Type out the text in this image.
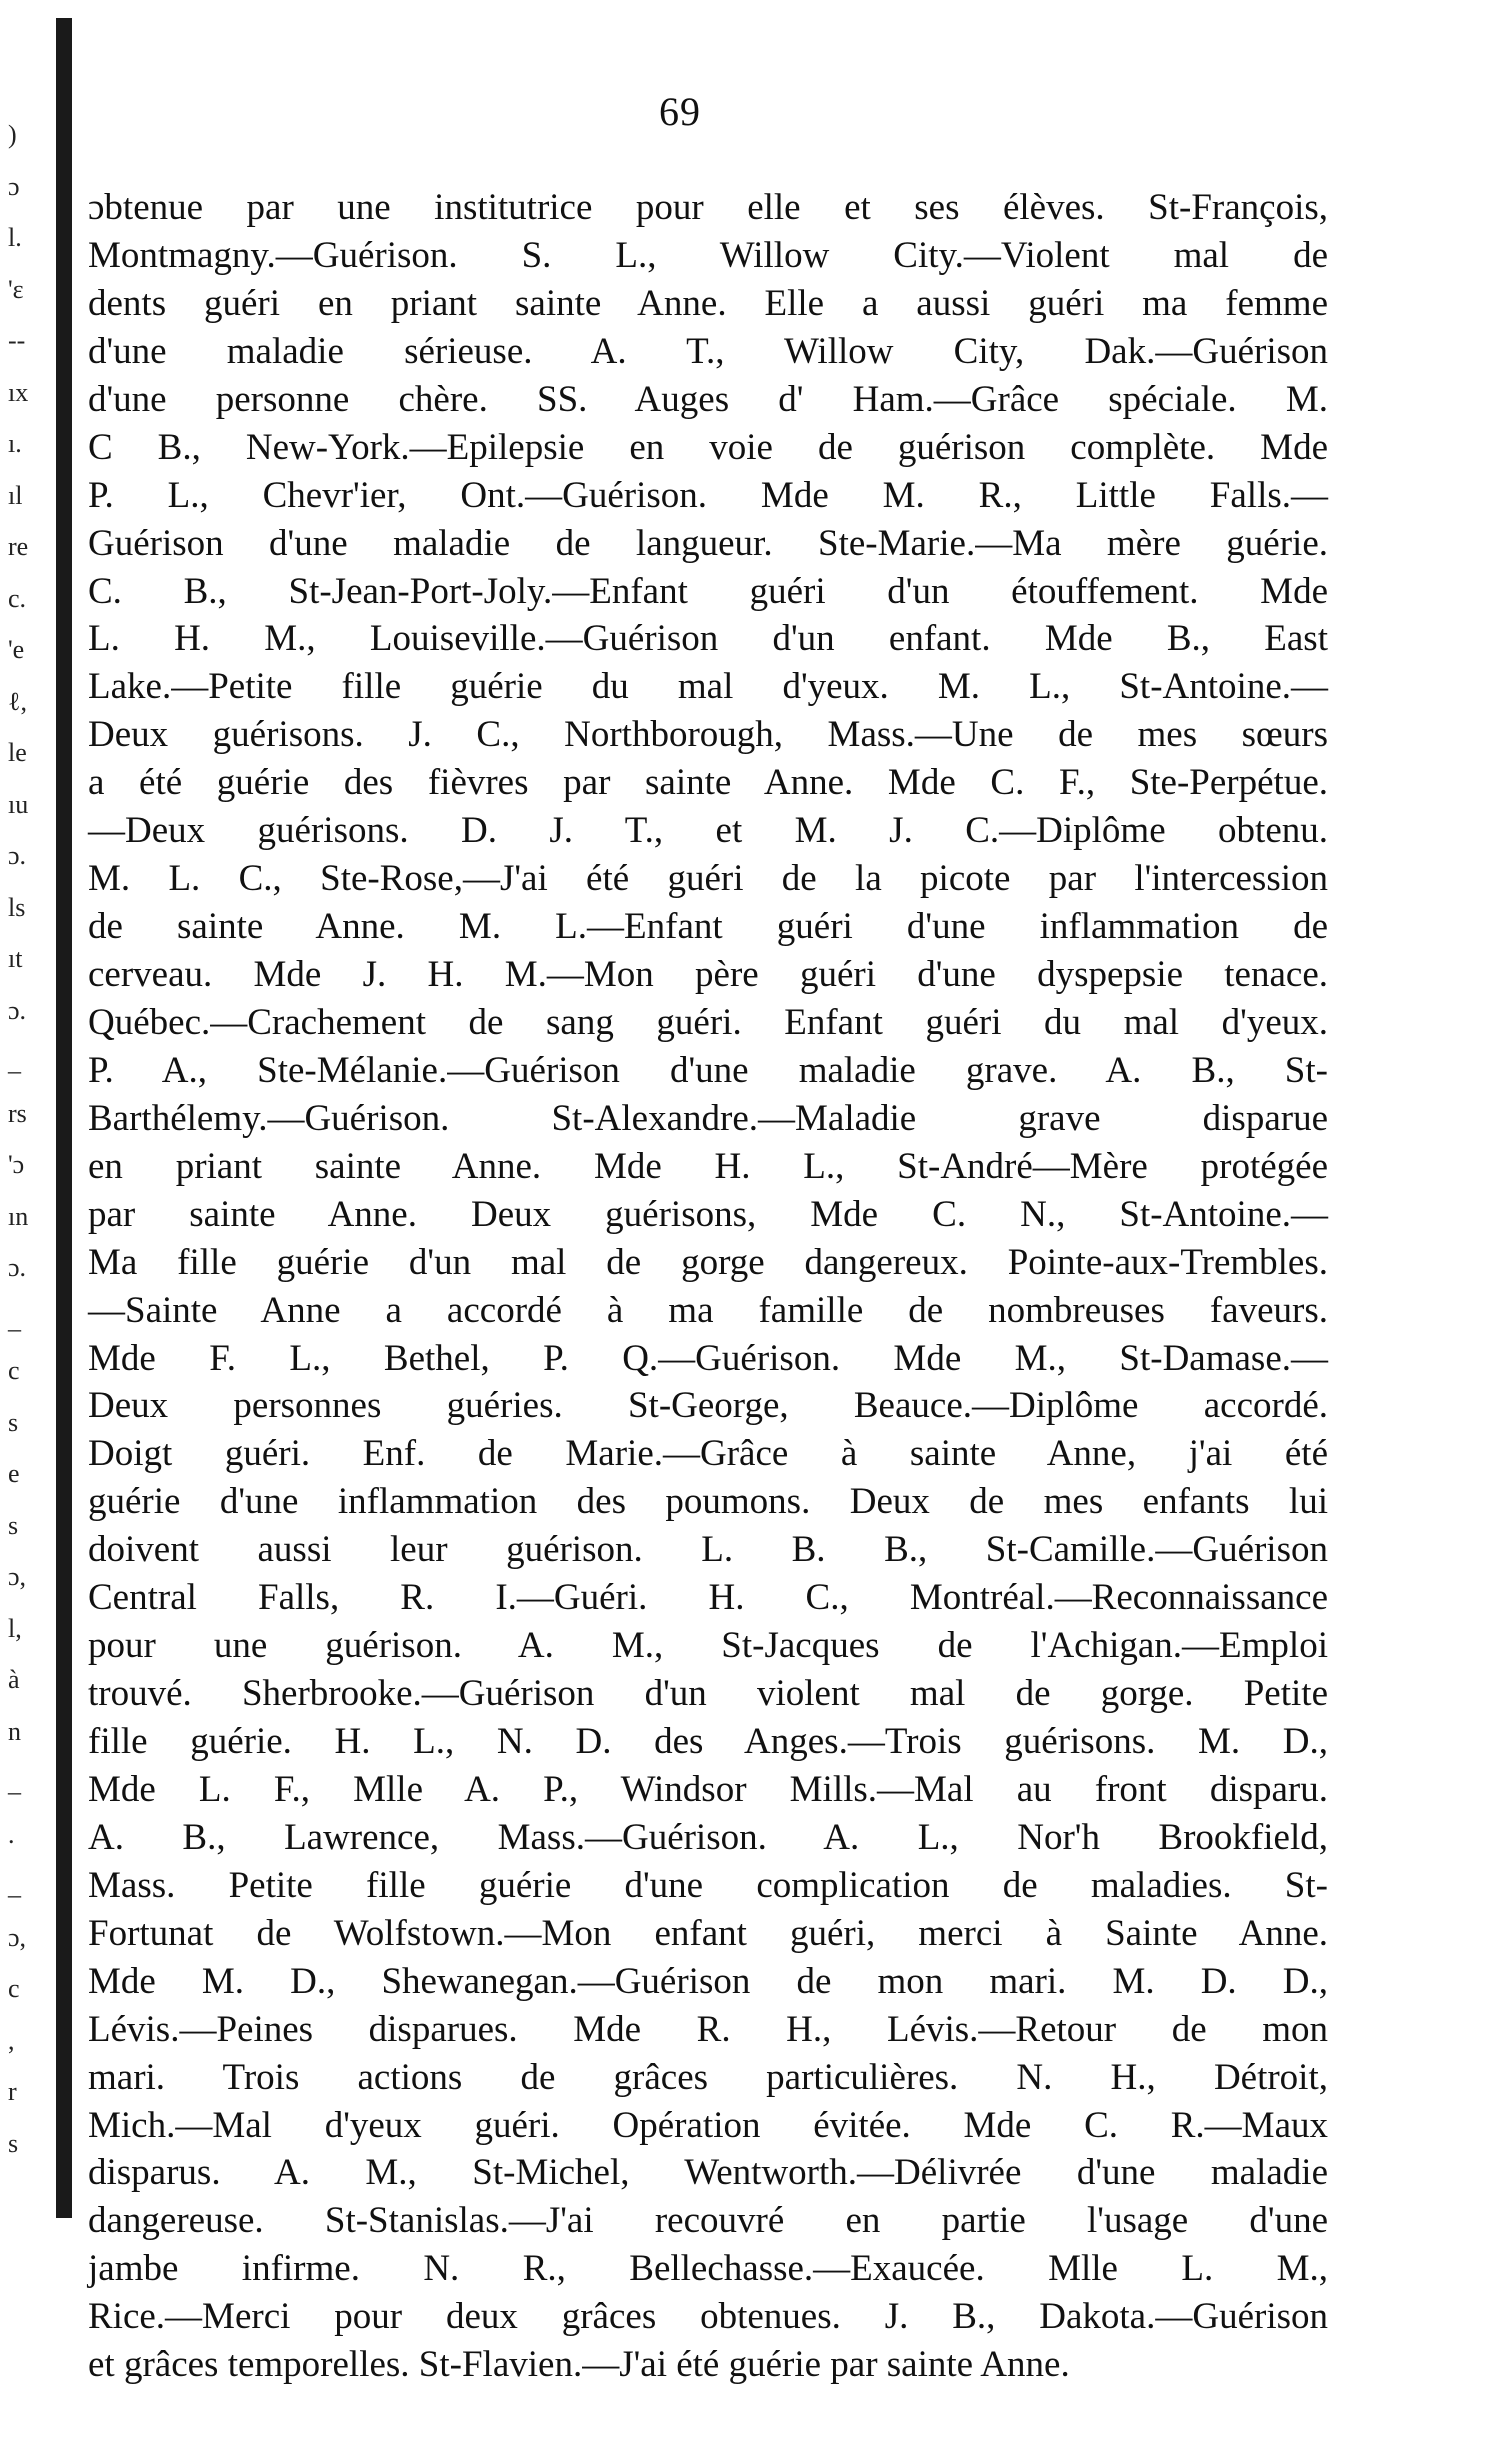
)
ɔ
l.
'ɛ
--
ıx
ı.
ıl
re
c.
'e
ℓ,
le
ıu
ɔ.
ls
ıt
ɔ.
_
rs
'ɔ
ın
ɔ.
_
c
s
e
s
ɔ,
l,
à
n
_
.
_
ɔ,
c
,
r
s
69
ɔbtenue par une institutrice pour elle et ses élèves. St-François,
Montmagny.—Guérison. S. L., Willow City.—Violent mal de
dents guéri en priant sainte Anne. Elle a aussi guéri ma femme
d'une maladie sérieuse. A. T., Willow City, Dak.—Guérison
d'une personne chère. SS. Auges d' Ham.—Grâce spéciale. M.
C B., New-York.—Epilepsie en voie de guérison complète. Mde
P. L., Chevr'ier, Ont.—Guérison. Mde M. R., Little Falls.—
Guérison d'une maladie de langueur. Ste-Marie.—Ma mère guérie.
C. B., St-Jean-Port-Joly.—Enfant guéri d'un étouffement. Mde
L. H. M., Louiseville.—Guérison d'un enfant. Mde B., East
Lake.—Petite fille guérie du mal d'yeux. M. L., St-Antoine.—
Deux guérisons. J. C., Northborough, Mass.—Une de mes sœurs
a été guérie des fièvres par sainte Anne. Mde C. F., Ste-Perpétue.
—Deux guérisons. D. J. T., et M. J. C.—Diplôme obtenu.
M. L. C., Ste-Rose,—J'ai été guéri de la picote par l'intercession
de sainte Anne. M. L.—Enfant guéri d'une inflammation de
cerveau. Mde J. H. M.—Mon père guéri d'une dyspepsie tenace.
Québec.—Crachement de sang guéri. Enfant guéri du mal d'yeux.
P. A., Ste-Mélanie.—Guérison d'une maladie grave. A. B., St-
Barthélemy.—Guérison. St-Alexandre.—Maladie grave disparue
en priant sainte Anne. Mde H. L., St-André—Mère protégée
par sainte Anne. Deux guérisons, Mde C. N., St-Antoine.—
Ma fille guérie d'un mal de gorge dangereux. Pointe-aux-Trembles.
—Sainte Anne a accordé à ma famille de nombreuses faveurs.
Mde F. L., Bethel, P. Q.—Guérison. Mde M., St-Damase.—
Deux personnes guéries. St-George, Beauce.—Diplôme accordé.
Doigt guéri. Enf. de Marie.—Grâce à sainte Anne, j'ai été
guérie d'une inflammation des poumons. Deux de mes enfants lui
doivent aussi leur guérison. L. B. B., St-Camille.—Guérison
Central Falls, R. I.—Guéri. H. C., Montréal.—Reconnaissance
pour une guérison. A. M., St-Jacques de l'Achigan.—Emploi
trouvé. Sherbrooke.—Guérison d'un violent mal de gorge. Petite
fille guérie. H. L., N. D. des Anges.—Trois guérisons. M. D.,
Mde L. F., Mlle A. P., Windsor Mills.—Mal au front disparu.
A. B., Lawrence, Mass.—Guérison. A. L., Nor'h Brookfield,
Mass. Petite fille guérie d'une complication de maladies. St-
Fortunat de Wolfstown.—Mon enfant guéri, merci à Sainte Anne.
Mde M. D., Shewanegan.—Guérison de mon mari. M. D. D.,
Lévis.—Peines disparues. Mde R. H., Lévis.—Retour de mon
mari. Trois actions de grâces particulières. N. H., Détroit,
Mich.—Mal d'yeux guéri. Opération évitée. Mde C. R.—Maux
disparus. A. M., St-Michel, Wentworth.—Délivrée d'une maladie
dangereuse. St-Stanislas.—J'ai recouvré en partie l'usage d'une
jambe infirme. N. R., Bellechasse.—Exaucée. Mlle L. M.,
Rice.—Merci pour deux grâces obtenues. J. B., Dakota.—Guérison
et grâces temporelles. St-Flavien.—J'ai été guérie par sainte Anne.
